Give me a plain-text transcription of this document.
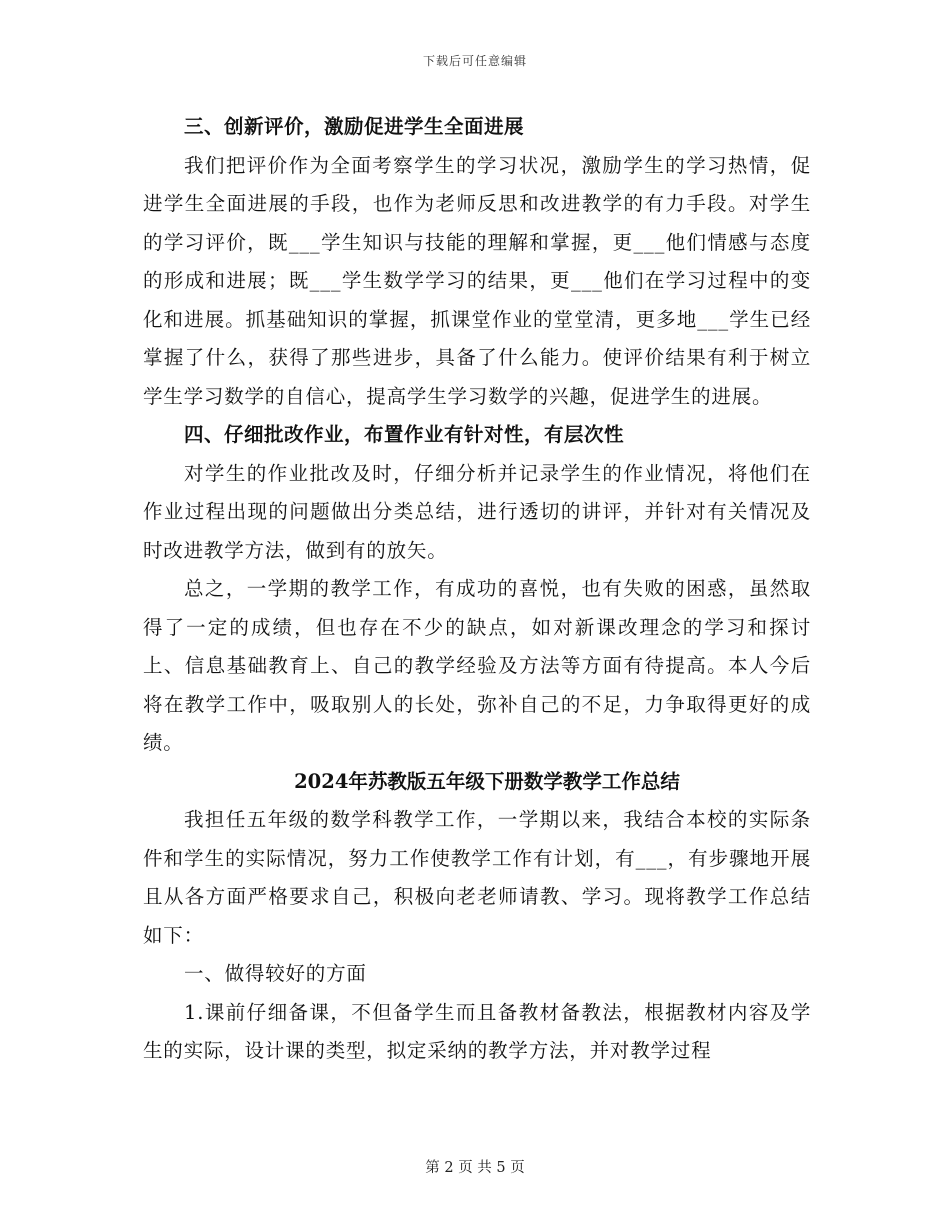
下载后可任意编辑
三、创新评价，激励促进学生全面进展

我们把评价作为全面考察学生的学习状况，激励学生的学习热情，促进学生全面进展的手段，也作为老师反思和改进教学的有力手段。对学生的学习评价，既___学生知识与技能的理解和掌握，更___他们情感与态度的形成和进展；既___学生数学学习的结果，更___他们在学习过程中的变化和进展。抓基础知识的掌握，抓课堂作业的堂堂清，更多地___学生已经掌握了什么，获得了那些进步，具备了什么能力。使评价结果有利于树立学生学习数学的自信心，提高学生学习数学的兴趣，促进学生的进展。

四、仔细批改作业，布置作业有针对性，有层次性

对学生的作业批改及时，仔细分析并记录学生的作业情况，将他们在作业过程出现的问题做出分类总结，进行透切的讲评，并针对有关情况及时改进教学方法，做到有的放矢。

总之，一学期的教学工作，有成功的喜悦，也有失败的困惑，虽然取得了一定的成绩，但也存在不少的缺点，如对新课改理念的学习和探讨上、信息基础教育上、自己的教学经验及方法等方面有待提高。本人今后将在教学工作中，吸取别人的长处，弥补自己的不足，力争取得更好的成绩。

2024年苏教版五年级下册数学教学工作总结

我担任五年级的数学科教学工作，一学期以来，我结合本校的实际条件和学生的实际情况，努力工作使教学工作有计划，有___，有步骤地开展且从各方面严格要求自己，积极向老老师请教、学习。现将教学工作总结如下：

一、做得较好的方面

1.课前仔细备课，不但备学生而且备教材备教法，根据教材内容及学生的实际，设计课的类型，拟定采纳的教学方法，并对教学过程

第 2 页 共 5 页
